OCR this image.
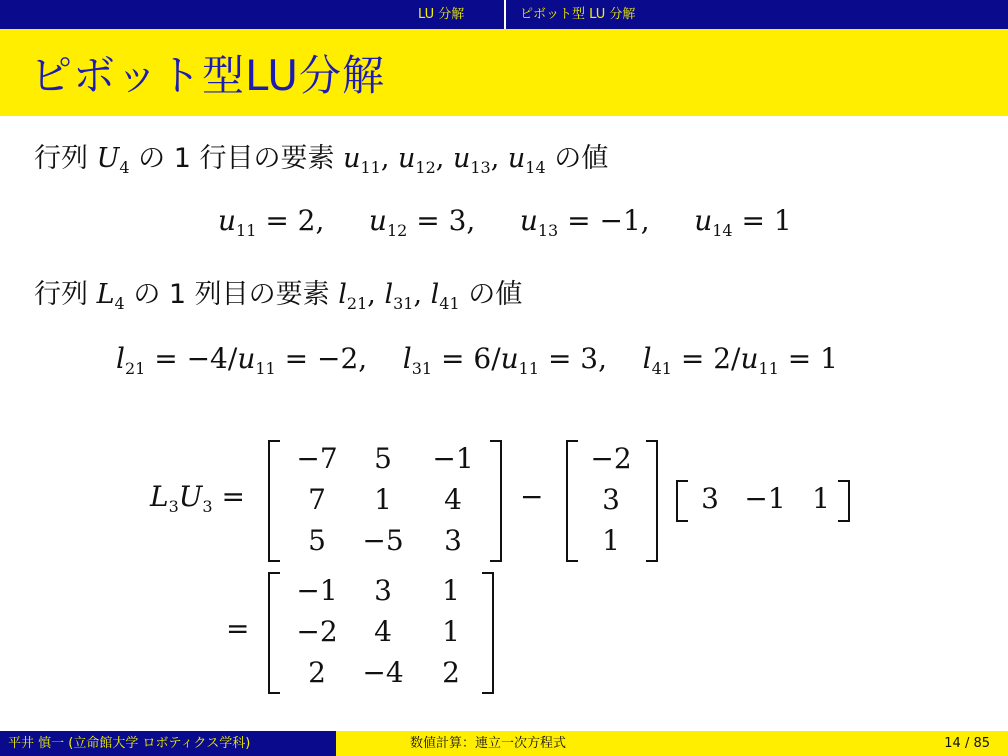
LU 分解	ピボット型 LU 分解
ピボット型LU分解
行列 $U_4$ の 1 行目の要素 $u_{11}$, $u_{12}$, $u_{13}$, $u_{14}$ の値
$u_{11} = 2$, $u_{12} = 3$, $u_{13} = -1$, $u_{14} = 1$
行列 $L_4$ の 1 列目の要素 $l_{21}$, $l_{31}$, $l_{41}$ の値
$l_{21} = -4/u_{11} = -2$, $l_{31} = 6/u_{11} = 3$, $l_{41} = 2/u_{11} = 1$
$L_3U_3$ =
−7	5	−1
7	1	4
5	−5	3
−
−2
3
1
3 −1 1
=
−1	3	1
−2	4	1
2	−4	2
平井 慎一 (立命館大学 ロボティクス学科)	数値計算：連立一次方程式	14 / 85
